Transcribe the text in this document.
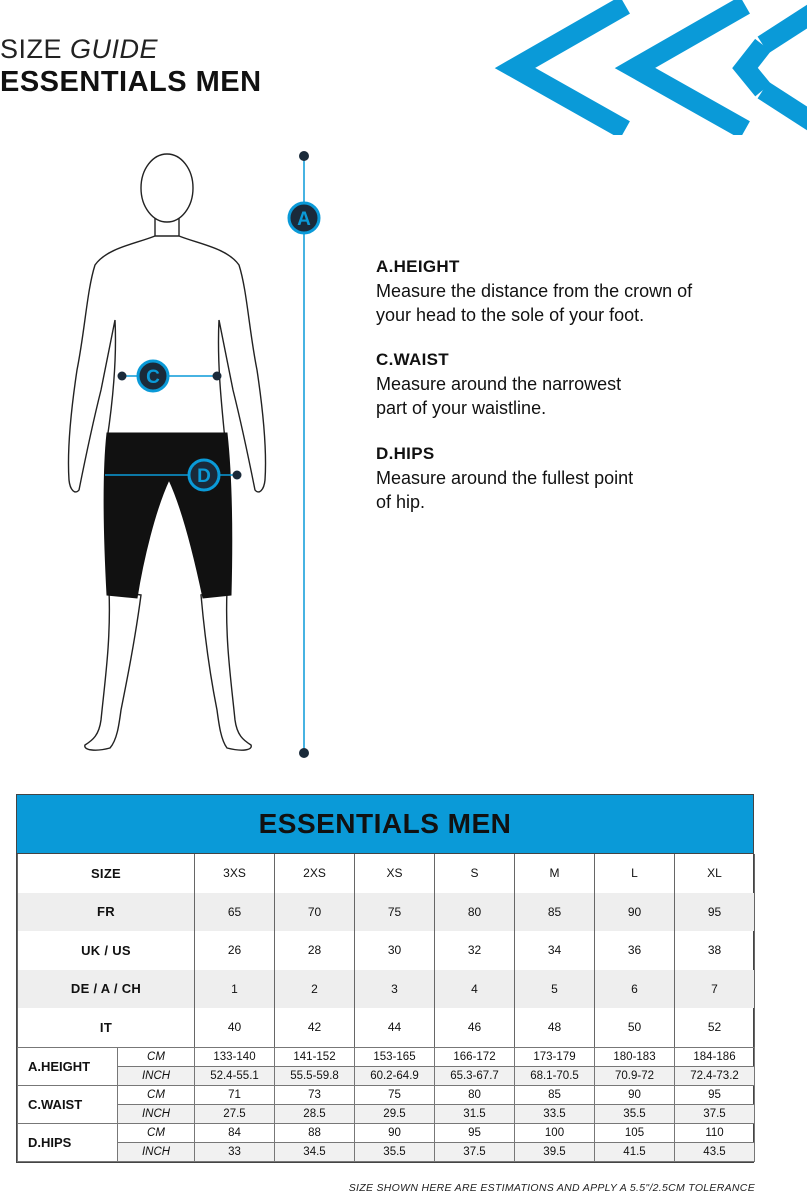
SIZE GUIDE
ESSENTIALS MEN
C
D
A
A.HEIGHT
Measure the distance from the crown of
your head to the sole of your foot.
C.WAIST
Measure around the narrowest
part of your waistline.
D.HIPS
Measure around the fullest point
of hip.
ESSENTIALS MEN
SIZE	3XS	2XS	XS	S	M	L	XL
FR	65	70	75	80	85	90	95
UK / US	26	28	30	32	34	36	38
DE / A / CH	1	2	3	4	5	6	7
IT	40	42	44	46	48	50	52
A.HEIGHT	CM	133-140	141-152	153-165	166-172	173-179	180-183	184-186
	INCH	52.4-55.1	55.5-59.8	60.2-64.9	65.3-67.7	68.1-70.5	70.9-72	72.4-73.2
C.WAIST	CM	71	73	75	80	85	90	95
	INCH	27.5	28.5	29.5	31.5	33.5	35.5	37.5
D.HIPS	CM	84	88	90	95	100	105	110
	INCH	33	34.5	35.5	37.5	39.5	41.5	43.5
SIZE SHOWN HERE ARE ESTIMATIONS AND APPLY A 5.5"/2.5CM TOLERANCE
